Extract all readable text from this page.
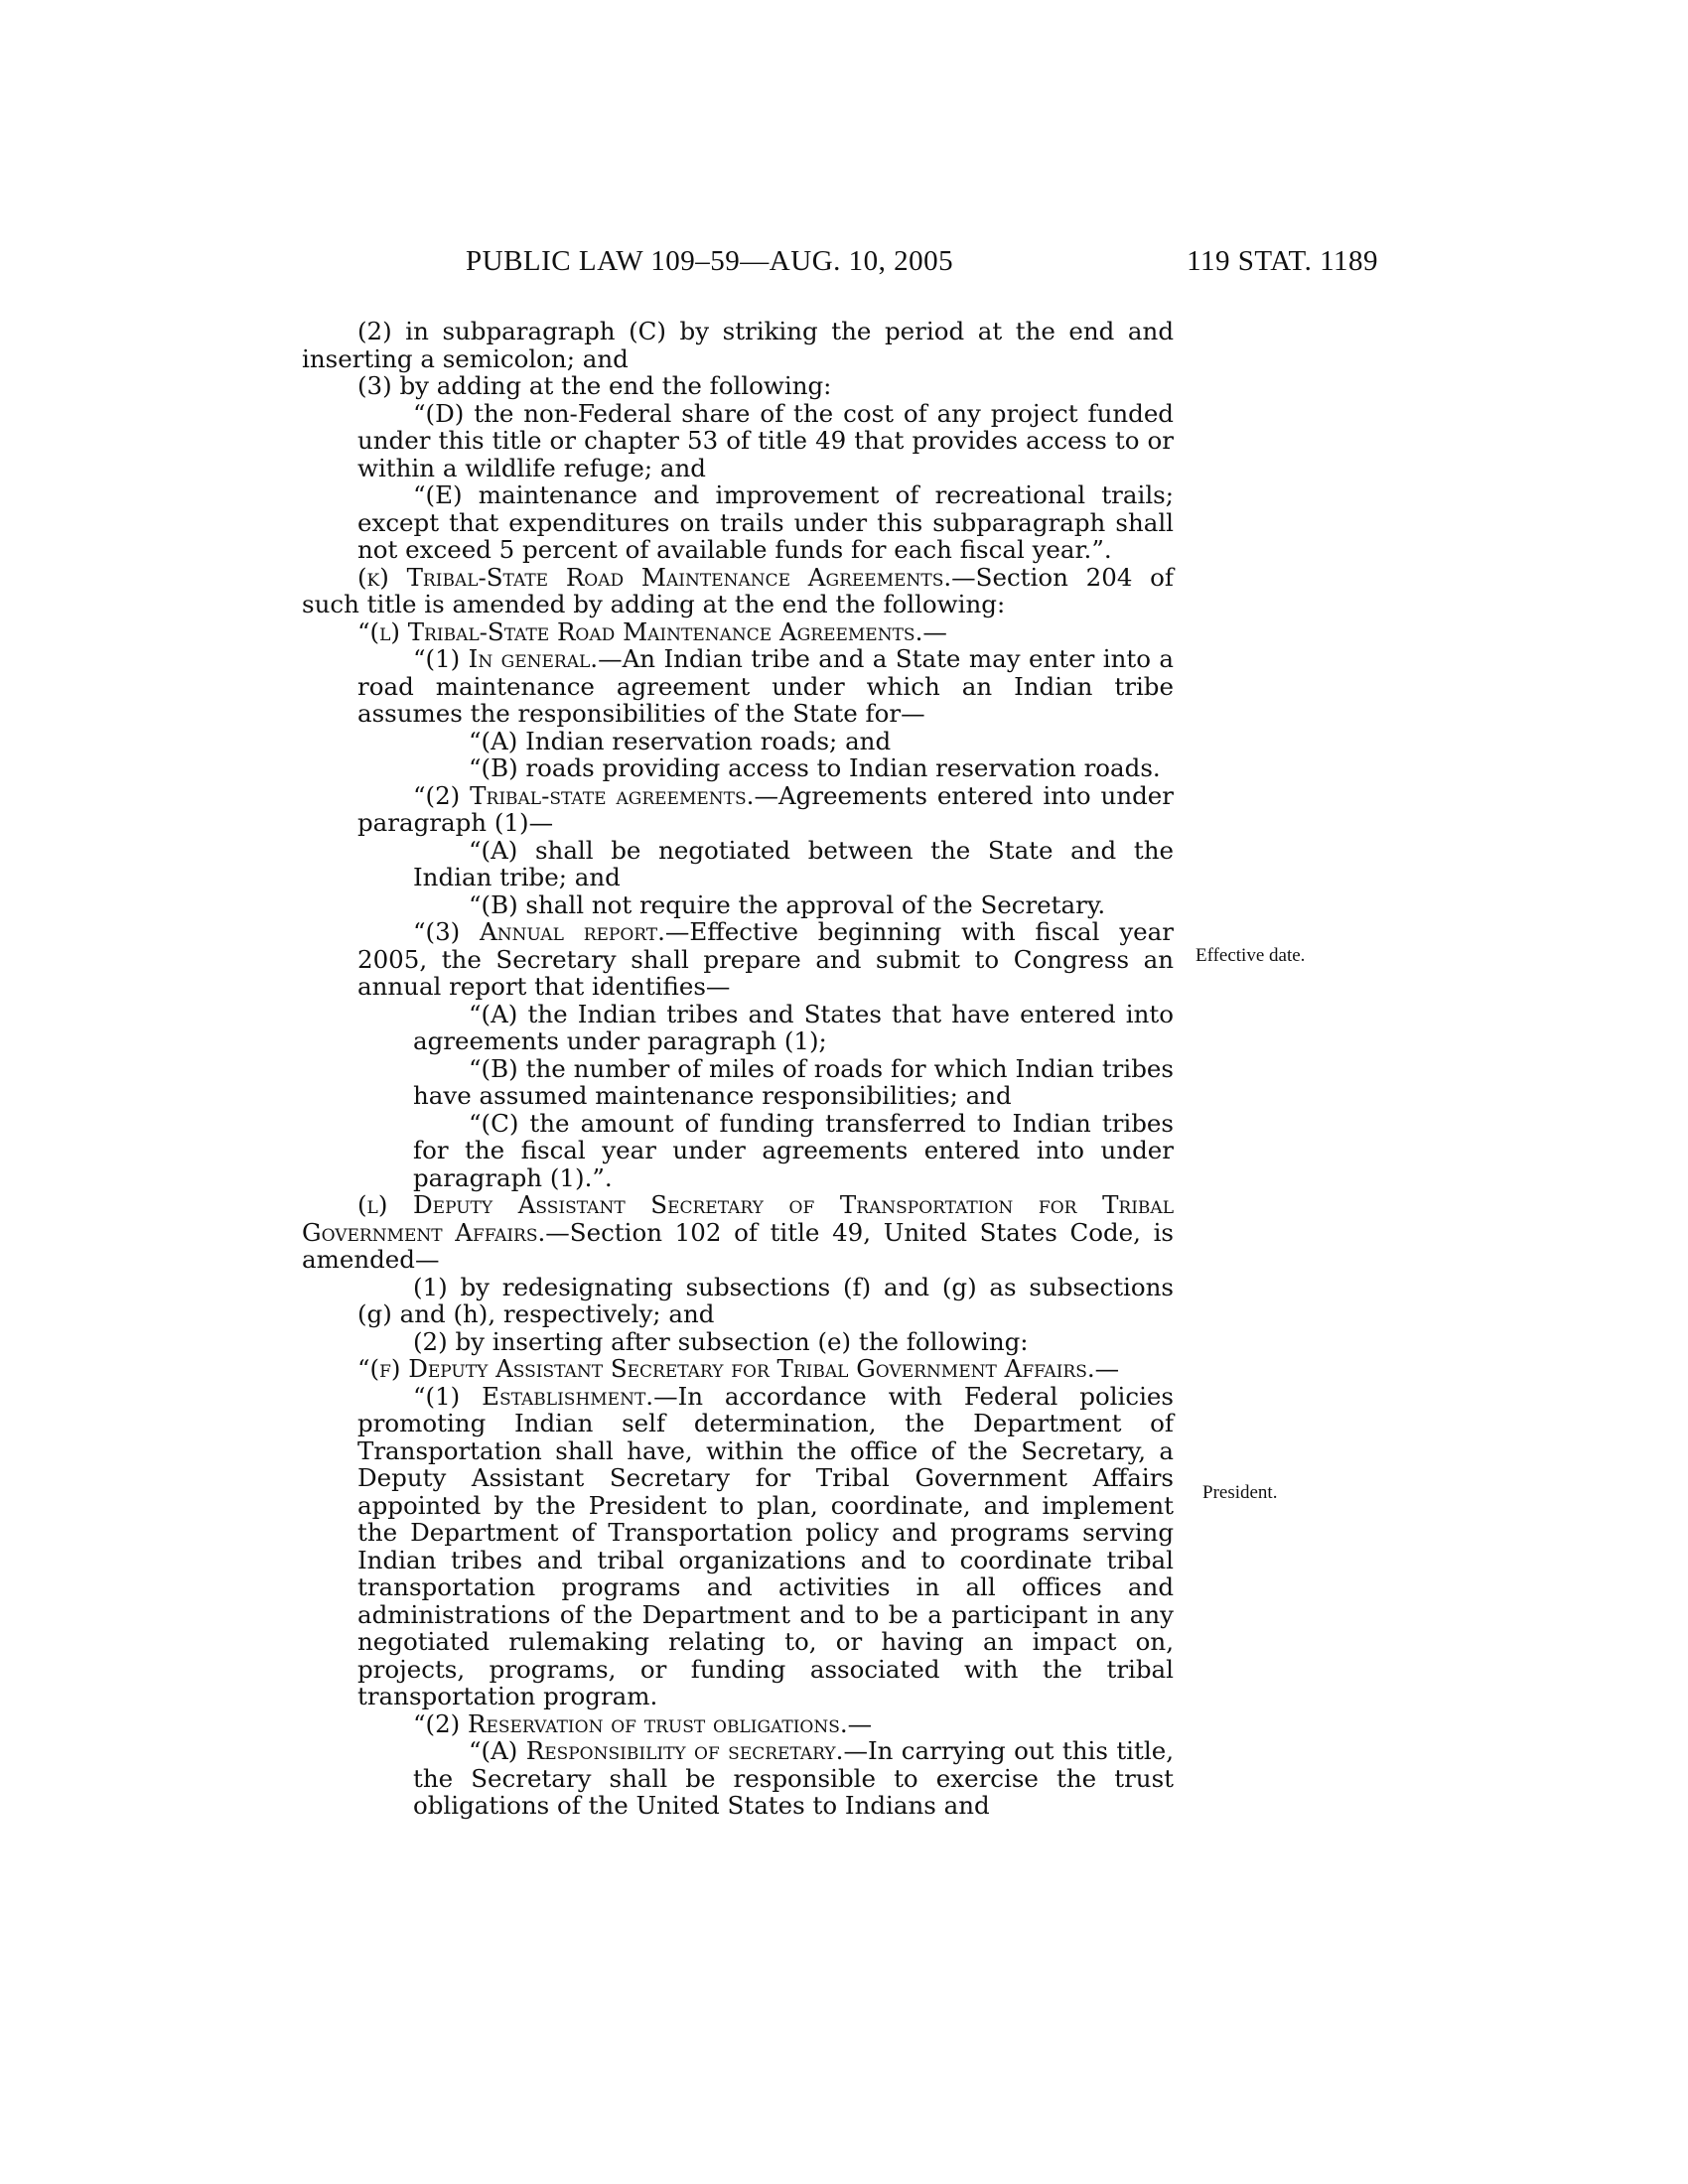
PUBLIC LAW 109–59—AUG. 10, 2005	119 STAT. 1189

(2) in subparagraph (C) by striking the period at the end and inserting a semicolon; and

(3) by adding at the end the following:

“(D) the non-Federal share of the cost of any project funded under this title or chapter 53 of title 49 that provides access to or within a wildlife refuge; and

“(E) maintenance and improvement of recreational trails; except that expenditures on trails under this subparagraph shall not exceed 5 percent of available funds for each fiscal year.”.

(k) Tribal-State Road Maintenance Agreements.—Section 204 of such title is amended by adding at the end the following:

“(l) Tribal-State Road Maintenance Agreements.—

“(1) In general.—An Indian tribe and a State may enter into a road maintenance agreement under which an Indian tribe assumes the responsibilities of the State for—

“(A) Indian reservation roads; and

“(B) roads providing access to Indian reservation roads.

“(2) Tribal-state agreements.—Agreements entered into under paragraph (1)—

“(A) shall be negotiated between the State and the Indian tribe; and

“(B) shall not require the approval of the Secretary.

“(3) Annual report.—Effective beginning with fiscal year 2005, the Secretary shall prepare and submit to Congress an annual report that identifies—

“(A) the Indian tribes and States that have entered into agreements under paragraph (1);

“(B) the number of miles of roads for which Indian tribes have assumed maintenance responsibilities; and

“(C) the amount of funding transferred to Indian tribes for the fiscal year under agreements entered into under paragraph (1).”.

(l) Deputy Assistant Secretary of Transportation for Tribal Government Affairs.—Section 102 of title 49, United States Code, is amended—

(1) by redesignating subsections (f) and (g) as subsections (g) and (h), respectively; and

(2) by inserting after subsection (e) the following:

“(f) Deputy Assistant Secretary for Tribal Government Affairs.—

“(1) Establishment.—In accordance with Federal policies promoting Indian self determination, the Department of Transportation shall have, within the office of the Secretary, a Deputy Assistant Secretary for Tribal Government Affairs appointed by the President to plan, coordinate, and implement the Department of Transportation policy and programs serving Indian tribes and tribal organizations and to coordinate tribal transportation programs and activities in all offices and administrations of the Department and to be a participant in any negotiated rulemaking relating to, or having an impact on, projects, programs, or funding associated with the tribal transportation program.

“(2) Reservation of trust obligations.—

“(A) Responsibility of secretary.—In carrying out this title, the Secretary shall be responsible to exercise the trust obligations of the United States to Indians and

Effective date.
President.
